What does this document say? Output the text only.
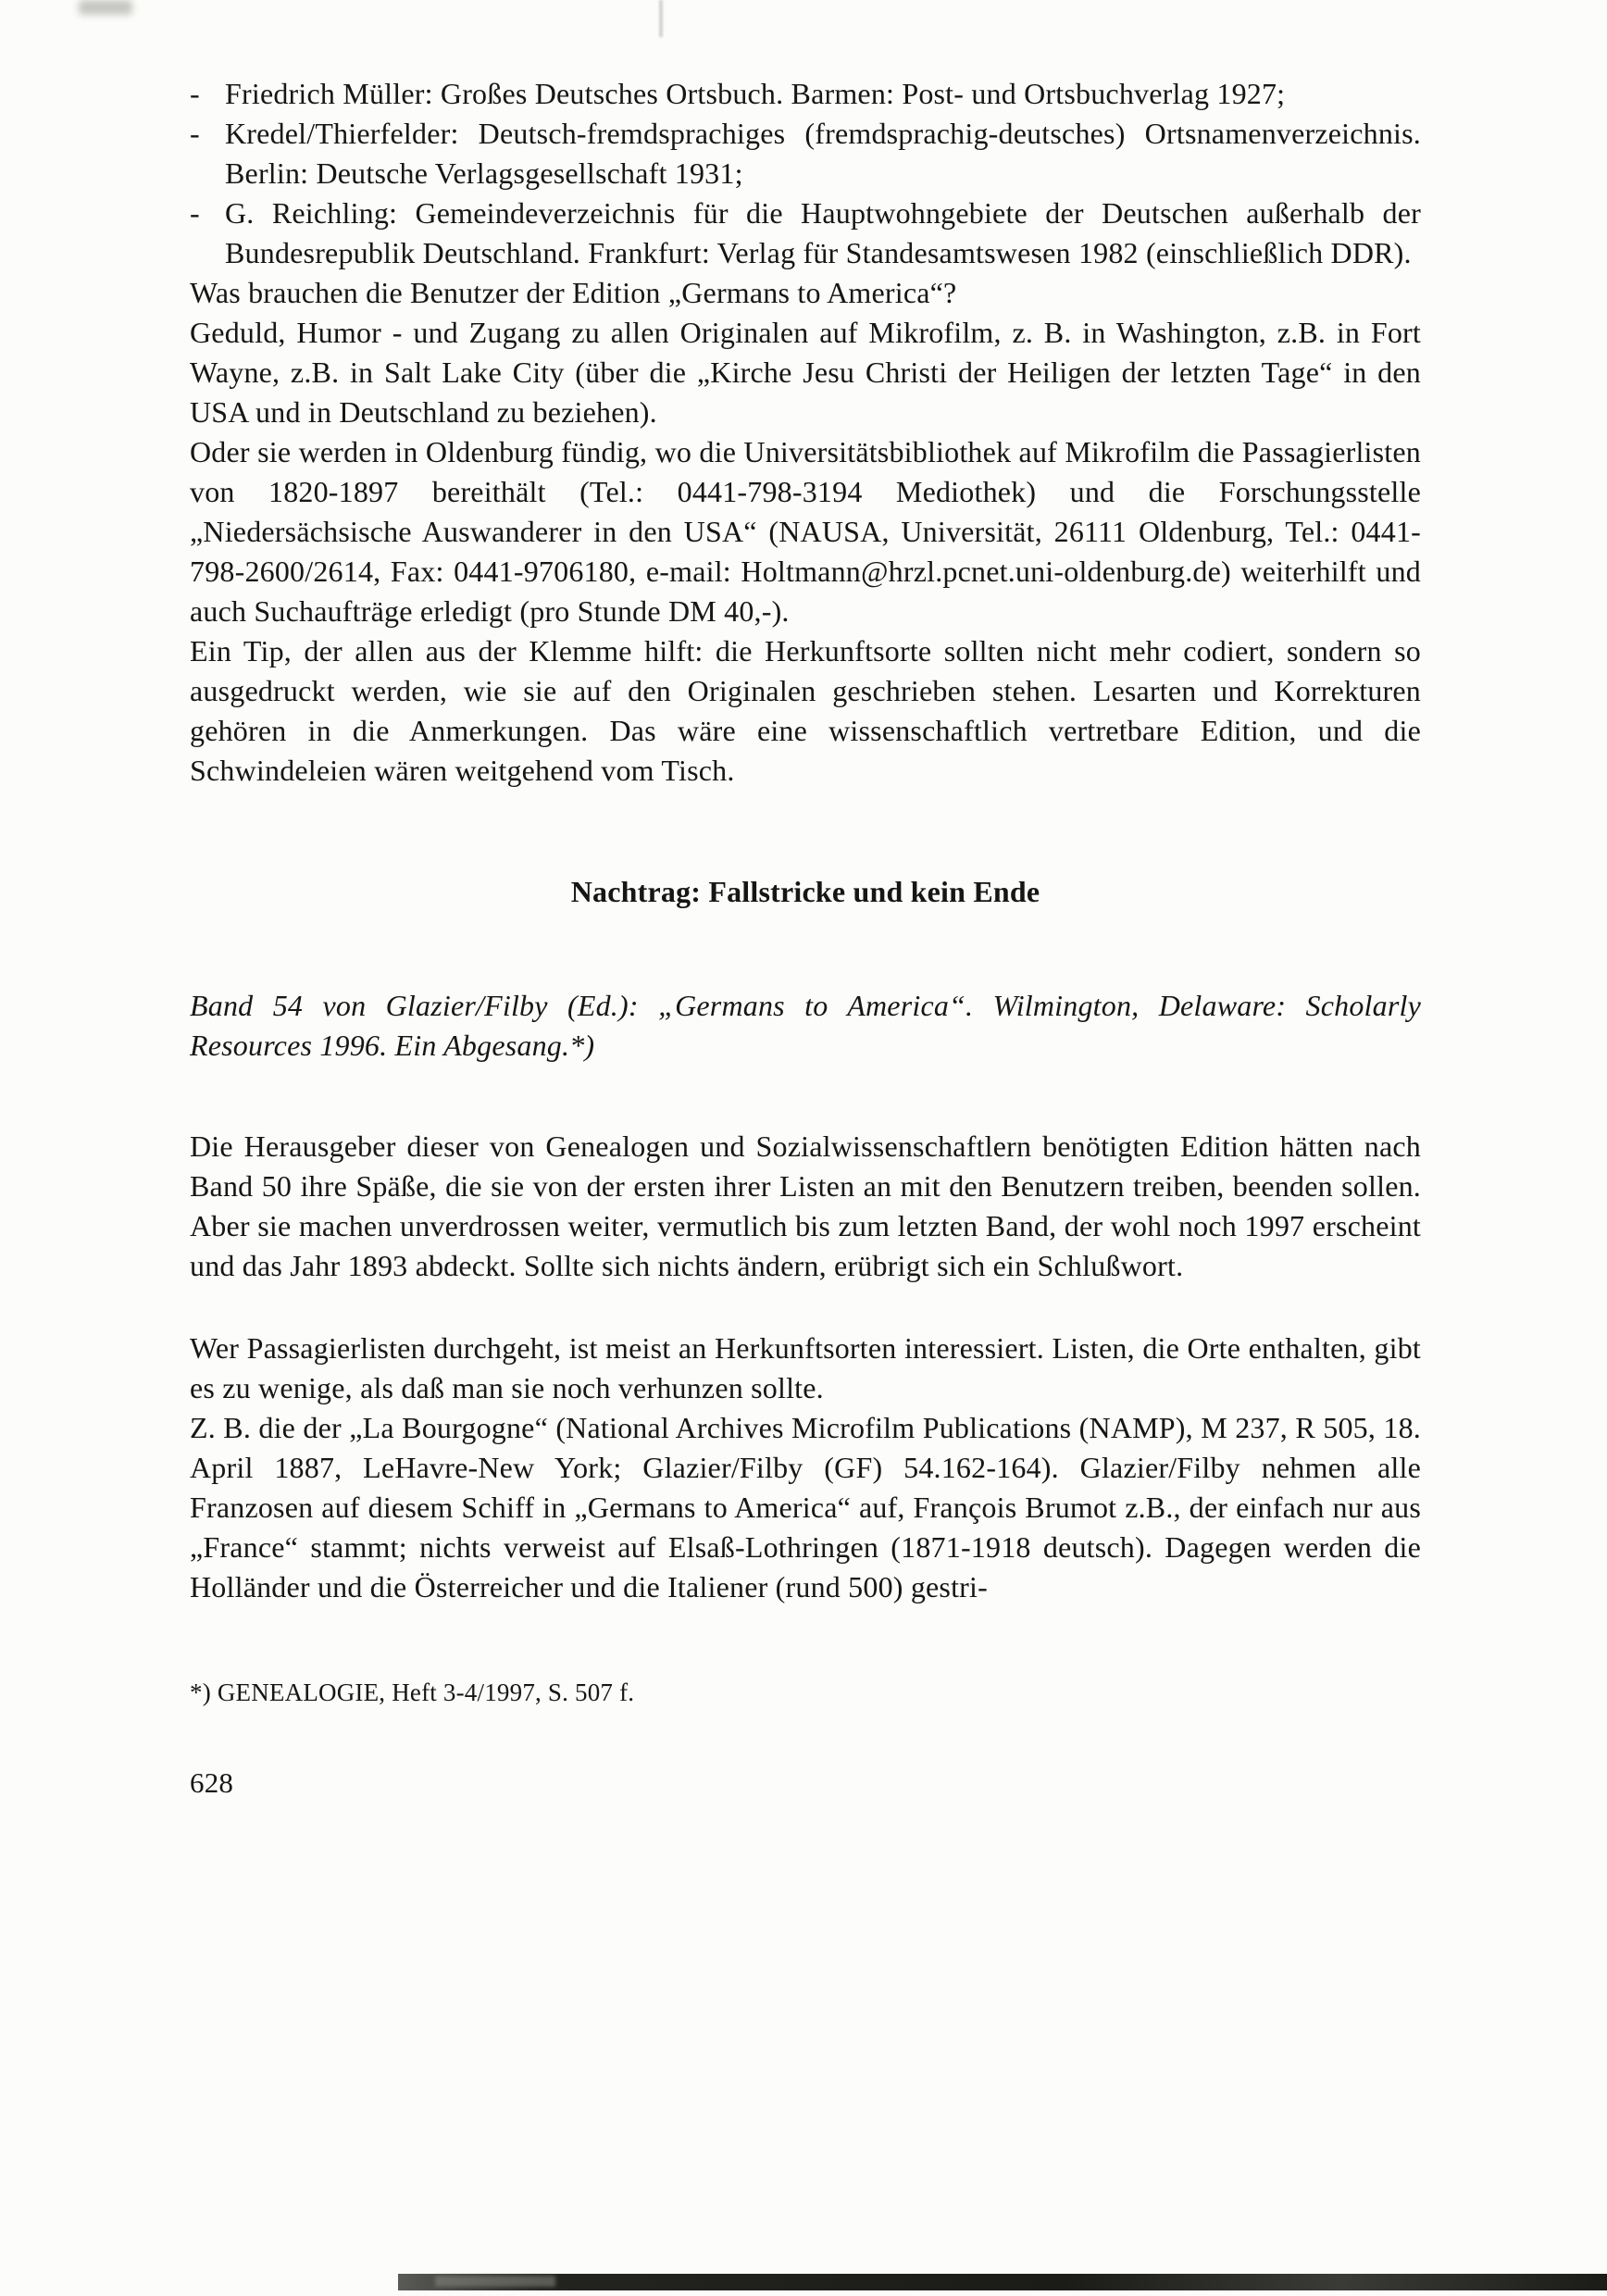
- Friedrich Müller: Großes Deutsches Ortsbuch. Barmen: Post- und Ortsbuchverlag 1927;
- Kredel/Thierfelder: Deutsch-fremdsprachiges (fremdsprachig-deutsches) Ortsnamenverzeichnis. Berlin: Deutsche Verlagsgesellschaft 1931;
- G. Reichling: Gemeindeverzeichnis für die Hauptwohngebiete der Deutschen außerhalb der Bundesrepublik Deutschland. Frankfurt: Verlag für Standesamtswesen 1982 (einschließlich DDR).

Was brauchen die Benutzer der Edition „Germans to America“?

Geduld, Humor - und Zugang zu allen Originalen auf Mikrofilm, z. B. in Washington, z.B. in Fort Wayne, z.B. in Salt Lake City (über die „Kirche Jesu Christi der Heiligen der letzten Tage“ in den USA und in Deutschland zu beziehen).

Oder sie werden in Oldenburg fündig, wo die Universitätsbibliothek auf Mikrofilm die Passagierlisten von 1820-1897 bereithält (Tel.: 0441-798-3194 Mediothek) und die Forschungsstelle „Niedersächsische Auswanderer in den USA“ (NAUSA, Universität, 26111 Oldenburg, Tel.: 0441-798-2600/2614, Fax: 0441-9706180, e-mail: Holtmann@hrzl.pcnet.uni-oldenburg.de) weiterhilft und auch Suchaufträge erledigt (pro Stunde DM 40,-).

Ein Tip, der allen aus der Klemme hilft: die Herkunftsorte sollten nicht mehr codiert, sondern so ausgedruckt werden, wie sie auf den Originalen geschrieben stehen. Lesarten und Korrekturen gehören in die Anmerkungen. Das wäre eine wissenschaftlich vertretbare Edition, und die Schwindeleien wären weitgehend vom Tisch.

Nachtrag: Fallstricke und kein Ende

Band 54 von Glazier/Filby (Ed.): „Germans to America“. Wilmington, Delaware: Scholarly Resources 1996. Ein Abgesang.*)

Die Herausgeber dieser von Genealogen und Sozialwissenschaftlern benötigten Edition hätten nach Band 50 ihre Späße, die sie von der ersten ihrer Listen an mit den Benutzern treiben, beenden sollen. Aber sie machen unverdrossen weiter, vermutlich bis zum letzten Band, der wohl noch 1997 erscheint und das Jahr 1893 abdeckt. Sollte sich nichts ändern, erübrigt sich ein Schlußwort.

Wer Passagierlisten durchgeht, ist meist an Herkunftsorten interessiert. Listen, die Orte enthalten, gibt es zu wenige, als daß man sie noch verhunzen sollte.

Z. B. die der „La Bourgogne“ (National Archives Microfilm Publications (NAMP), M 237, R 505, 18. April 1887, LeHavre-New York; Glazier/Filby (GF) 54.162-164). Glazier/Filby nehmen alle Franzosen auf diesem Schiff in „Germans to America“ auf, François Brumot z.B., der einfach nur aus „France“ stammt; nichts verweist auf Elsaß-Lothringen (1871-1918 deutsch). Dagegen werden die Holländer und die Österreicher und die Italiener (rund 500) gestri-

*) GENEALOGIE, Heft 3-4/1997, S. 507 f.

628
